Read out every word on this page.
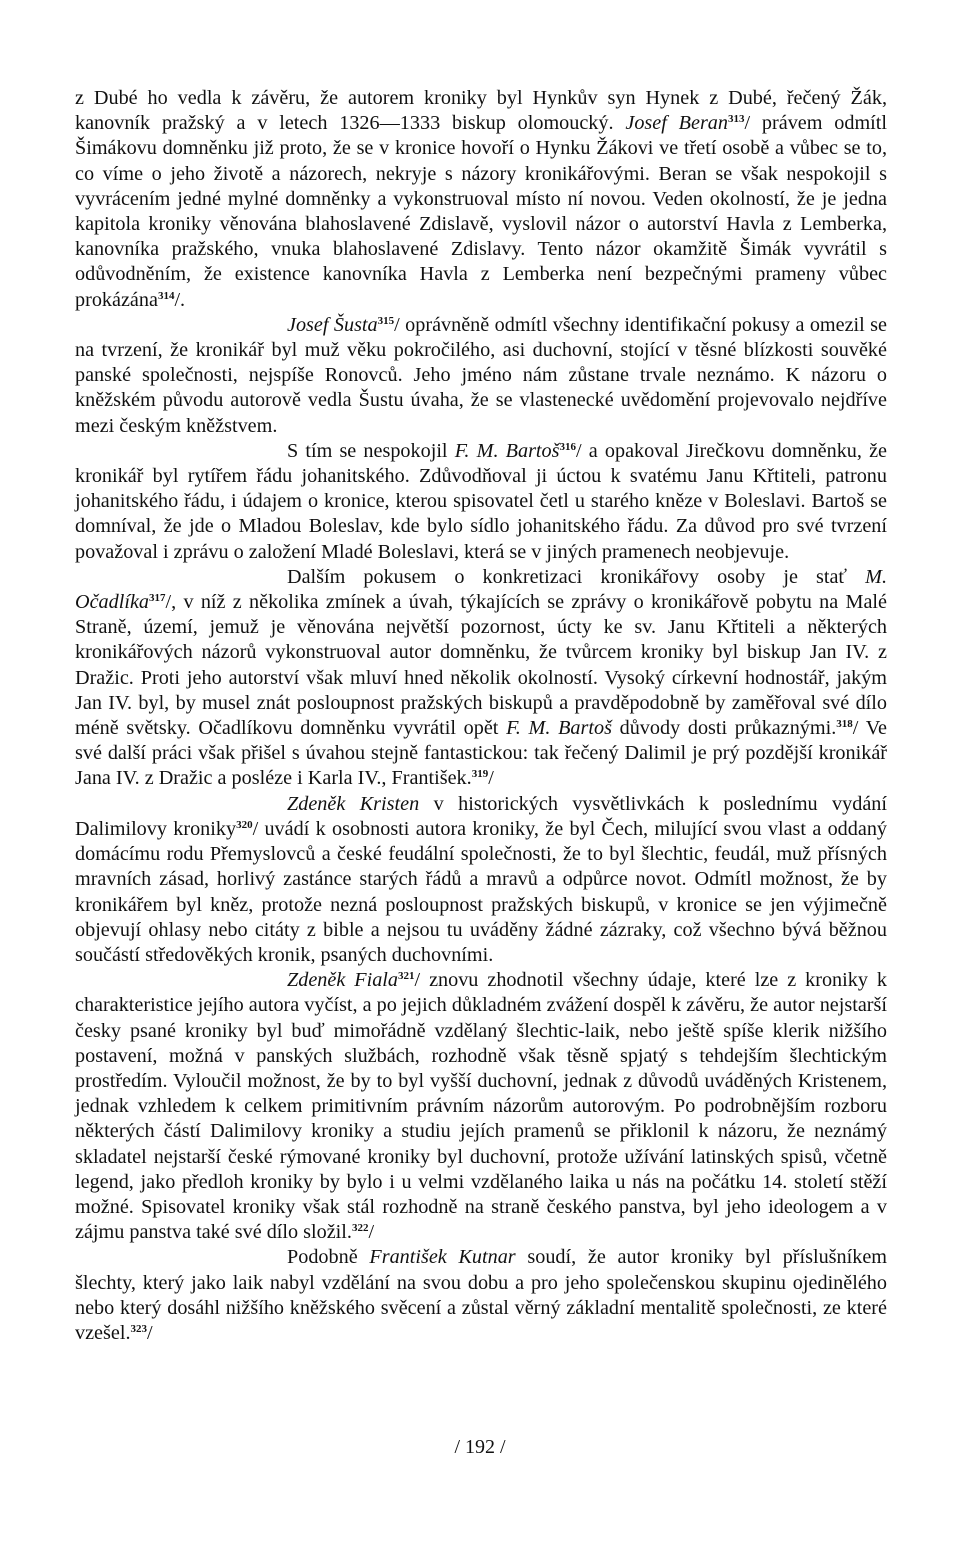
z Dubé ho vedla k závěru, že autorem kroniky byl Hynkův syn Hynek z Dubé, řečený Žák, kanovník pražský a v letech 1326—1333 biskup olomoucký. Josef Beran$^{313}$/ právem odmítl Šimákovu domněnku již proto, že se v kronice hovoří o Hynku Žákovi ve třetí osobě a vůbec se to, co víme o jeho životě a názorech, nekryje s názory kronikářovými. Beran se však nespokojil s vyvrácením jedné mylné domněnky a vykonstruoval místo ní novou. Veden okolností, že je jedna kapitola kroniky věnována blahoslavené Zdislavě, vyslovil názor o autorství Havla z Lemberka, kanovníka pražského, vnuka blahoslavené Zdislavy. Tento názor okamžitě Šimák vyvrátil s odůvodněním, že existence kanovníka Havla z Lemberka není bezpečnými prameny vůbec prokázána$^{314}$/.

Josef Šusta$^{315}$/ oprávněně odmítl všechny identifikační pokusy a omezil se na tvrzení, že kronikář byl muž věku pokročilého, asi duchovní, stojící v těsné blízkosti souvěké panské společnosti, nejspíše Ronovců. Jeho jméno nám zůstane trvale neznámo. K názoru o kněžském původu autorově vedla Šustu úvaha, že se vlastenecké uvědomění projevovalo nejdříve mezi českým kněžstvem.

S tím se nespokojil F. M. Bartoš$^{316}$/ a opakoval Jirečkovu domněnku, že kronikář byl rytířem řádu johanitského. Zdůvodňoval ji úctou k svatému Janu Křtiteli, patronu johanitského řádu, i údajem o kronice, kterou spisovatel četl u starého kněze v Boleslavi. Bartoš se domníval, že jde o Mladou Boleslav, kde bylo sídlo johanitského řádu. Za důvod pro své tvrzení považoval i zprávu o založení Mladé Boleslavi, která se v jiných pramenech neobjevuje.

Dalším pokusem o konkretizaci kronikářovy osoby je stať M. Očadlíka$^{317}$/, v níž z několika zmínek a úvah, týkajících se zprávy o kronikářově pobytu na Malé Straně, území, jemuž je věnována největší pozornost, úcty ke sv. Janu Křtiteli a některých kronikářových názorů vykonstruoval autor domněnku, že tvůrcem kroniky byl biskup Jan IV. z Dražic. Proti jeho autorství však mluví hned několik okolností. Vysoký církevní hodnostář, jakým Jan IV. byl, by musel znát posloupnost pražských biskupů a pravděpodobně by zaměřoval své dílo méně světsky. Očadlíkovu domněnku vyvrátil opět F. M. Bartoš důvody dosti průkaznými.$^{318}$/ Ve své další práci však přišel s úvahou stejně fantastickou: tak řečený Dalimil je prý pozdější kronikář Jana IV. z Dražic a posléze i Karla IV., František.$^{319}$/

Zdeněk Kristen v historických vysvětlivkách k poslednímu vydání Dalimilovy kroniky$^{320}$/ uvádí k osobnosti autora kroniky, že byl Čech, milující svou vlast a oddaný domácímu rodu Přemyslovců a české feudální společnosti, že to byl šlechtic, feudál, muž přísných mravních zásad, horlivý zastánce starých řádů a mravů a odpůrce novot. Odmítl možnost, že by kronikářem byl kněz, protože nezná posloupnost pražských biskupů, v kronice se jen výjimečně objevují ohlasy nebo citáty z bible a nejsou tu uváděny žádné zázraky, což všechno bývá běžnou součástí středověkých kronik, psaných duchovními.

Zdeněk Fiala$^{321}$/ znovu zhodnotil všechny údaje, které lze z kroniky k charakteristice jejího autora vyčíst, a po jejich důkladném zvážení dospěl k závěru, že autor nejstarší česky psané kroniky byl buď mimořádně vzdělaný šlechtic-laik, nebo ještě spíše klerik nižšího postavení, možná v panských službách, rozhodně však těsně spjatý s tehdejším šlechtickým prostředím. Vyloučil možnost, že by to byl vyšší duchovní, jednak z důvodů uváděných Kristenem, jednak vzhledem k celkem primitivním právním názorům autorovým. Po podrobnějším rozboru některých částí Dalimilovy kroniky a studiu jejích pramenů se přiklonil k názoru, že neznámý skladatel nejstarší české rýmované kroniky byl duchovní, protože užívání latinských spisů, včetně legend, jako předloh kroniky by bylo i u velmi vzdělaného laika u nás na počátku 14. století stěží možné. Spisovatel kroniky však stál rozhodně na straně českého panstva, byl jeho ideologem a v zájmu panstva také své dílo složil.$^{322}$/

Podobně František Kutnar soudí, že autor kroniky byl příslušníkem šlechty, který jako laik nabyl vzdělání na svou dobu a pro jeho společenskou skupinu ojedinělého nebo který dosáhl nižšího kněžského svěcení a zůstal věrný základní mentalitě společnosti, ze které vzešel.$^{323}$/

/ 192 /
